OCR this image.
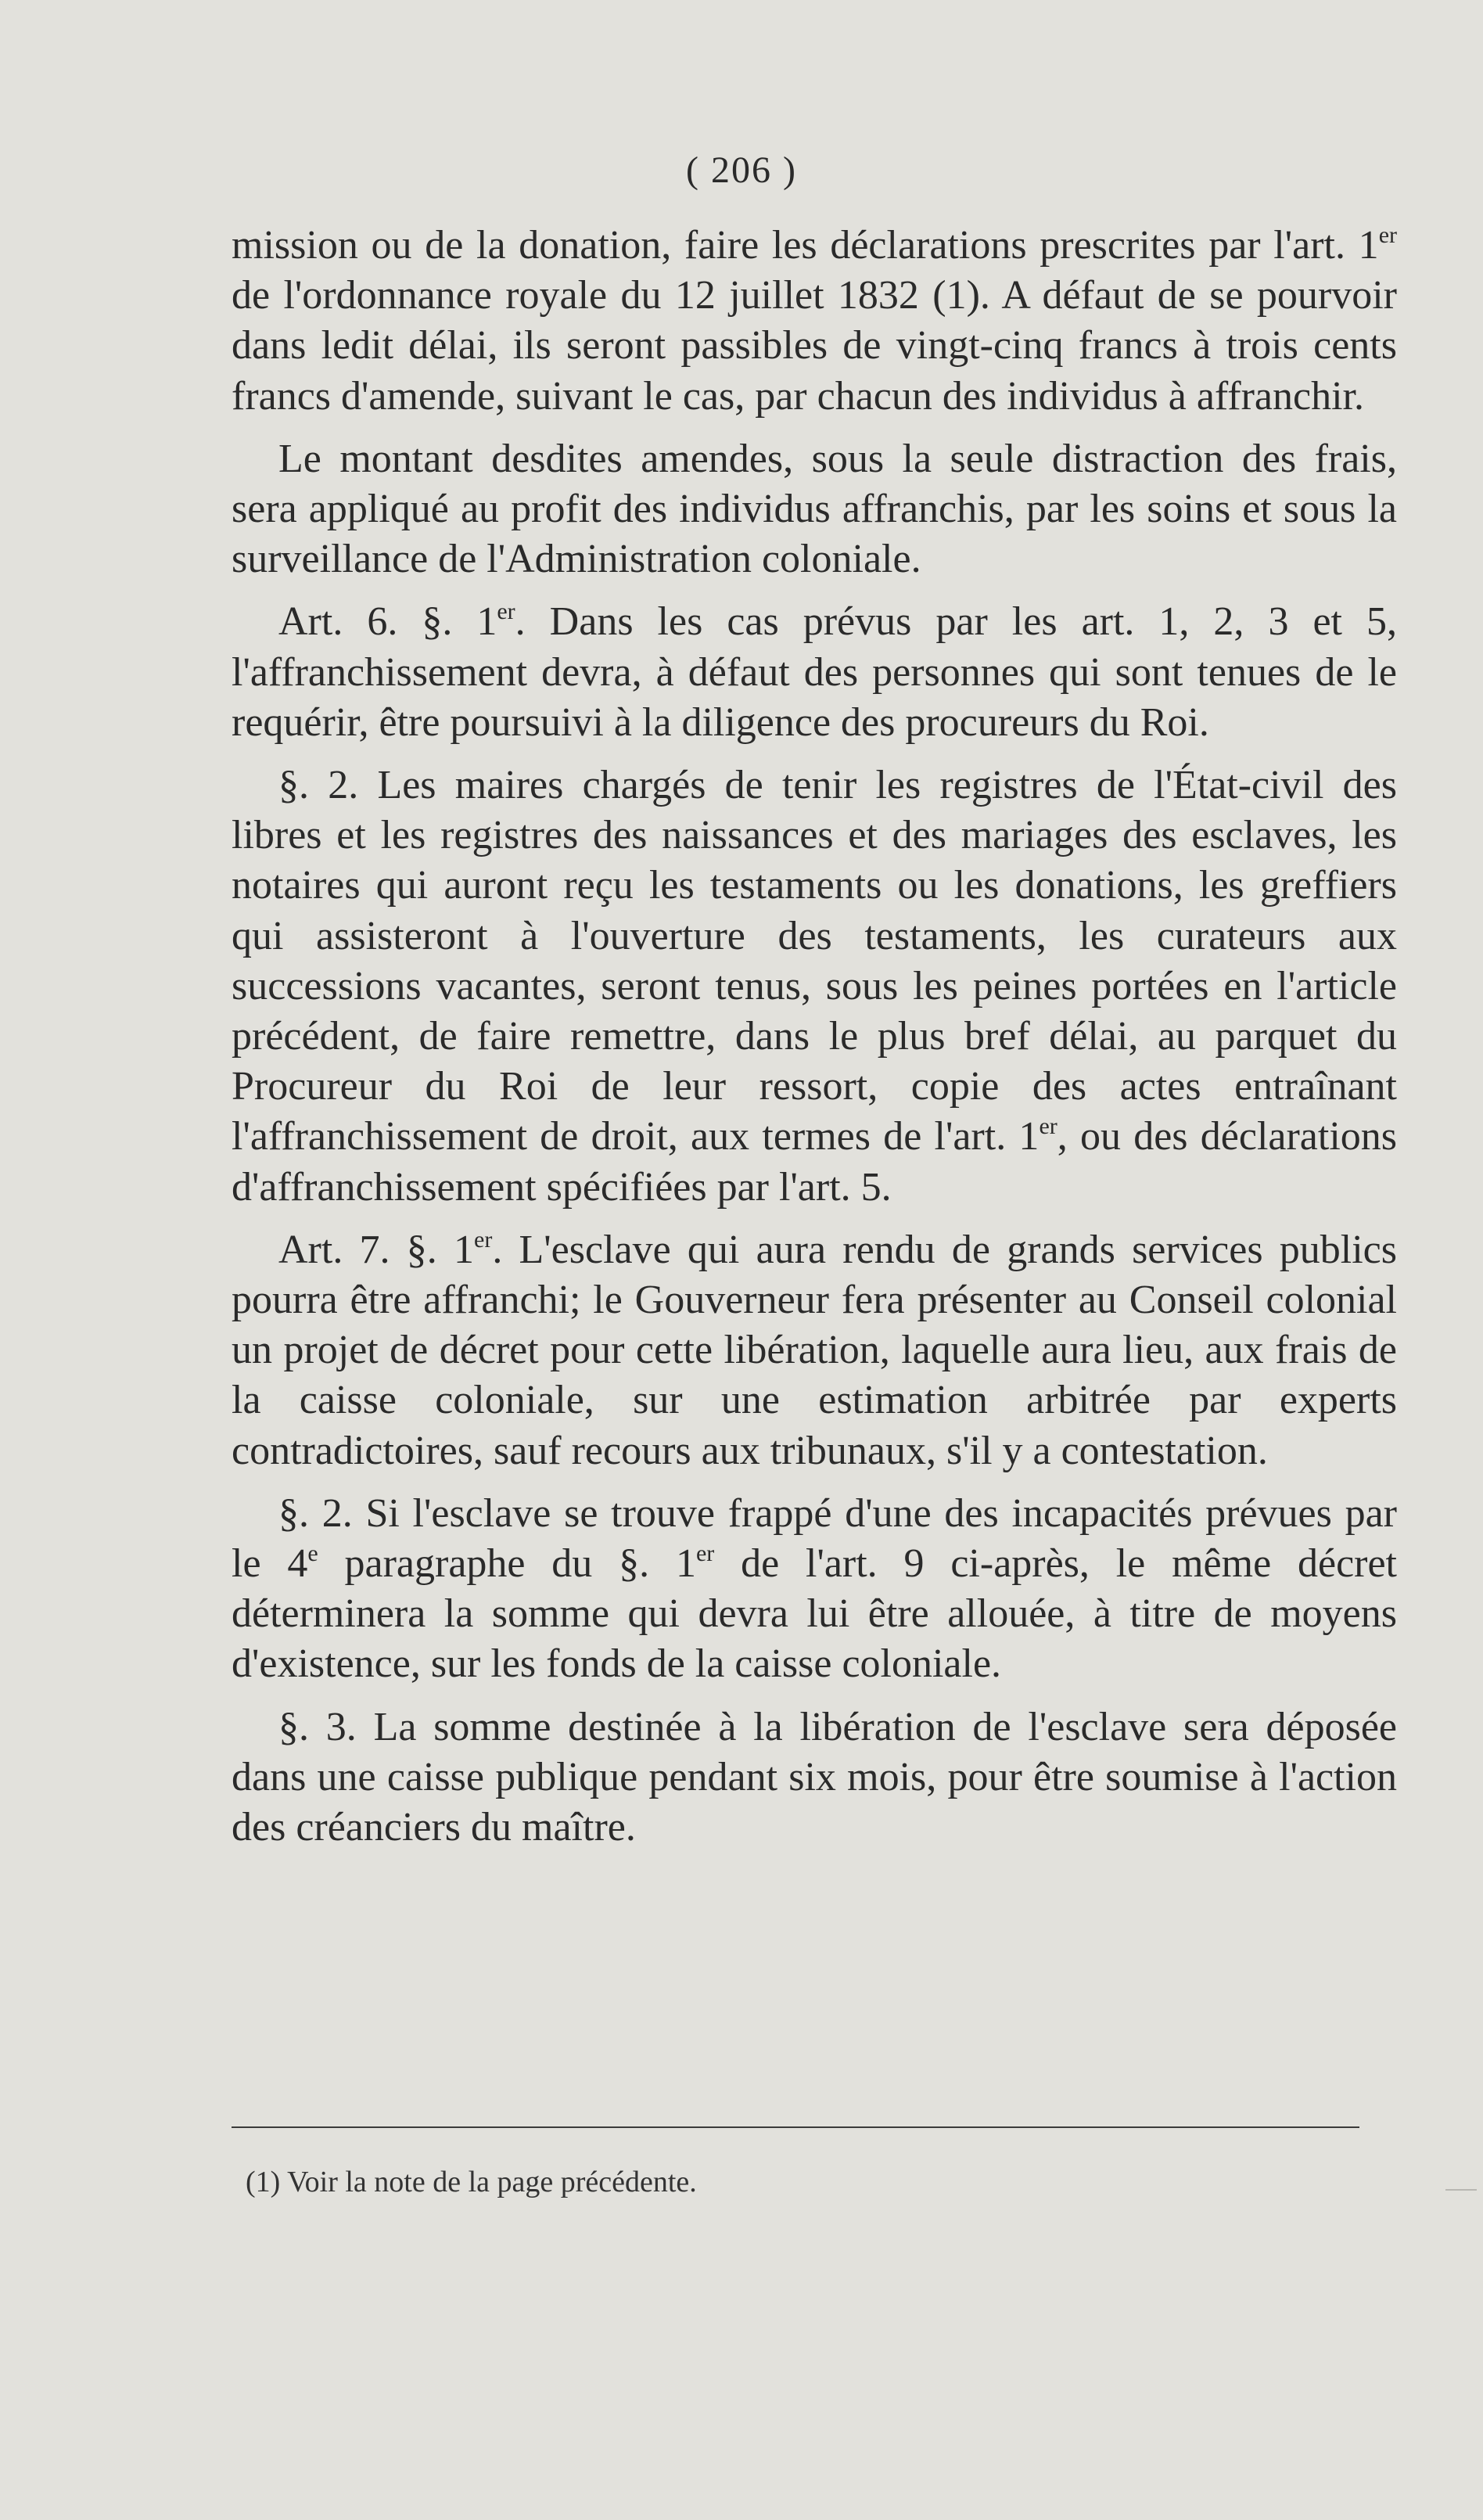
( 206 )

mission ou de la donation, faire les déclarations prescrites par l'art. 1er de l'ordonnance royale du 12 juillet 1832 (1). A défaut de se pourvoir dans ledit délai, ils seront passibles de vingt-cinq francs à trois cents francs d'amende, suivant le cas, par chacun des individus à affranchir.

Le montant desdites amendes, sous la seule distraction des frais, sera appliqué au profit des individus affranchis, par les soins et sous la surveillance de l'Administration coloniale.

Art. 6. §. 1er. Dans les cas prévus par les art. 1, 2, 3 et 5, l'affranchissement devra, à défaut des personnes qui sont tenues de le requérir, être poursuivi à la diligence des procureurs du Roi.

§. 2. Les maires chargés de tenir les registres de l'État-civil des libres et les registres des naissances et des mariages des esclaves, les notaires qui auront reçu les testaments ou les donations, les greffiers qui assisteront à l'ouverture des testaments, les curateurs aux successions vacantes, seront tenus, sous les peines portées en l'article précédent, de faire remettre, dans le plus bref délai, au parquet du Procureur du Roi de leur ressort, copie des actes entraînant l'affranchissement de droit, aux termes de l'art. 1er, ou des déclarations d'affranchissement spécifiées par l'art. 5.

Art. 7. §. 1er. L'esclave qui aura rendu de grands services publics pourra être affranchi; le Gouverneur fera présenter au Conseil colonial un projet de décret pour cette libération, laquelle aura lieu, aux frais de la caisse coloniale, sur une estimation arbitrée par experts contradictoires, sauf recours aux tribunaux, s'il y a contestation.

§. 2. Si l'esclave se trouve frappé d'une des incapacités prévues par le 4e paragraphe du §. 1er de l'art. 9 ci-après, le même décret déterminera la somme qui devra lui être allouée, à titre de moyens d'existence, sur les fonds de la caisse coloniale.

§. 3. La somme destinée à la libération de l'esclave sera déposée dans une caisse publique pendant six mois, pour être soumise à l'action des créanciers du maître.

(1) Voir la note de la page précédente.
